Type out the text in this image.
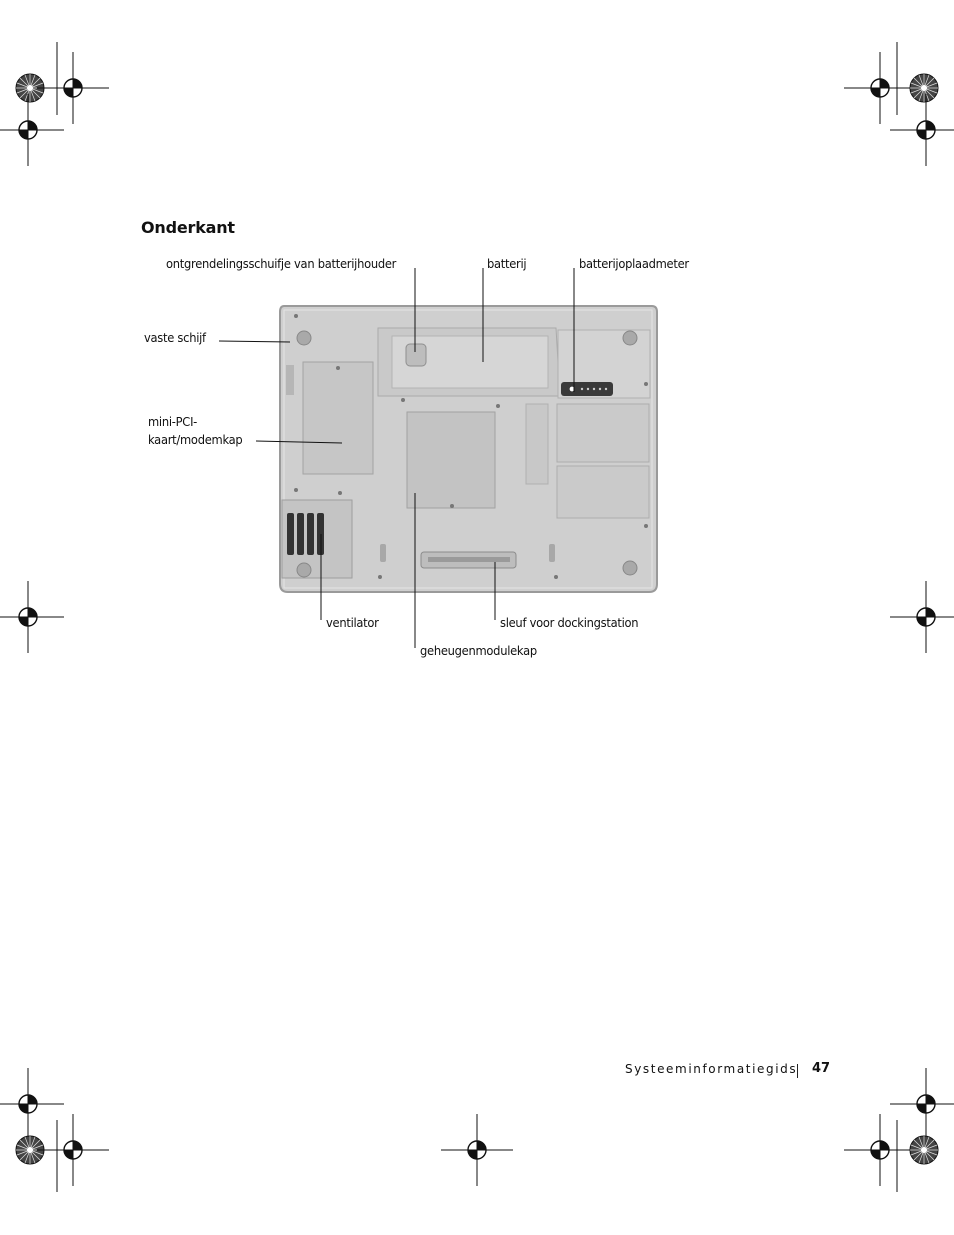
Onderkant
ontgrendelingsschuifje van batterijhouder	batterij	batterijoplaadmeter
vaste schijf
mini-PCI-
kaart/modemkap
ventilator	sleuf voor dockingstation
geheugenmodulekap
Systeeminformatiegids 47
